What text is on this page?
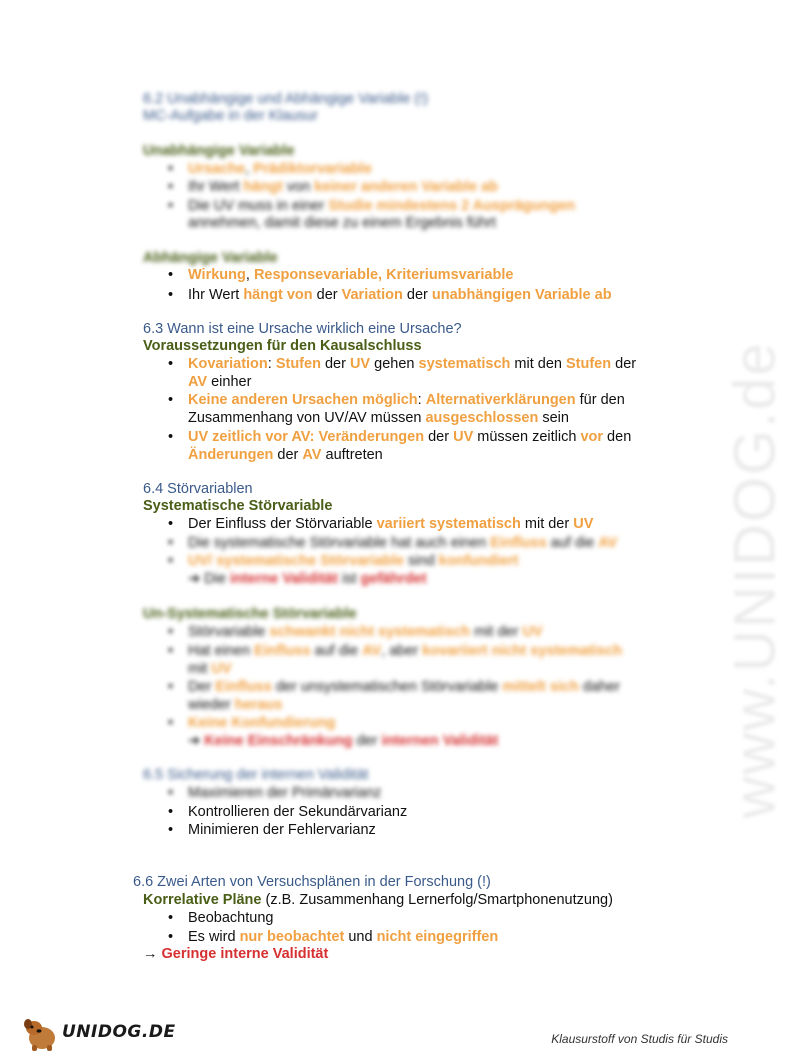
www.UNIDOG.de
6.2 Unabhängige und Abhängige Variable (!)
MC-Aufgabe in der Klausur
Unabhängige Variable
•
Ursache, Prädiktorvariable
•
Ihr Wert hängt von keiner anderen Variable ab
•
Die UV muss in einer Studie mindestens 2 Ausprägungen
annehmen, damit diese zu einem Ergebnis führt
Abhängige Variable
•
Wirkung, Responsevariable, Kriteriumsvariable
•
Ihr Wert hängt von der Variation der unabhängigen Variable ab
6.3 Wann ist eine Ursache wirklich eine Ursache?
Voraussetzungen für den Kausalschluss
•
Kovariation: Stufen der UV gehen systematisch mit den Stufen der
AV einher
•
Keine anderen Ursachen möglich: Alternativerklärungen für den
Zusammenhang von UV/AV müssen ausgeschlossen sein
•
UV zeitlich vor AV: Veränderungen der UV müssen zeitlich vor den
Änderungen der AV auftreten
6.4 Störvariablen
Systematische Störvariable
•
Der Einfluss der Störvariable variiert systematisch mit der UV
•
Die systematische Störvariable hat auch einen Einfluss auf die AV
•
UV/ systematische Störvariable sind konfundiert
➔ Die interne Validität ist gefährdet
Un-Systematische Störvariable
•
Störvariable schwankt nicht systematisch mit der UV
•
Hat einen Einfluss auf die AV, aber kovariiert nicht systematisch
mit UV
•
Der Einfluss der unsystematischen Störvariable mittelt sich daher
wieder heraus
•
Keine Konfundierung
➔ Keine Einschränkung der internen Validität
6.5 Sicherung der internen Validität
•
Maximieren der Primärvarianz
•
Kontrollieren der Sekundärvarianz
•
Minimieren der Fehlervarianz
6.6 Zwei Arten von Versuchsplänen in der Forschung (!)
Korrelative Pläne (z.B. Zusammenhang Lernerfolg/Smartphonenutzung)
•
Beobachtung
•
Es wird nur beobachtet und nicht eingegriffen
→ Geringe interne Validität
UNIDOG.DE	Klausurstoff von Studis für Studis
